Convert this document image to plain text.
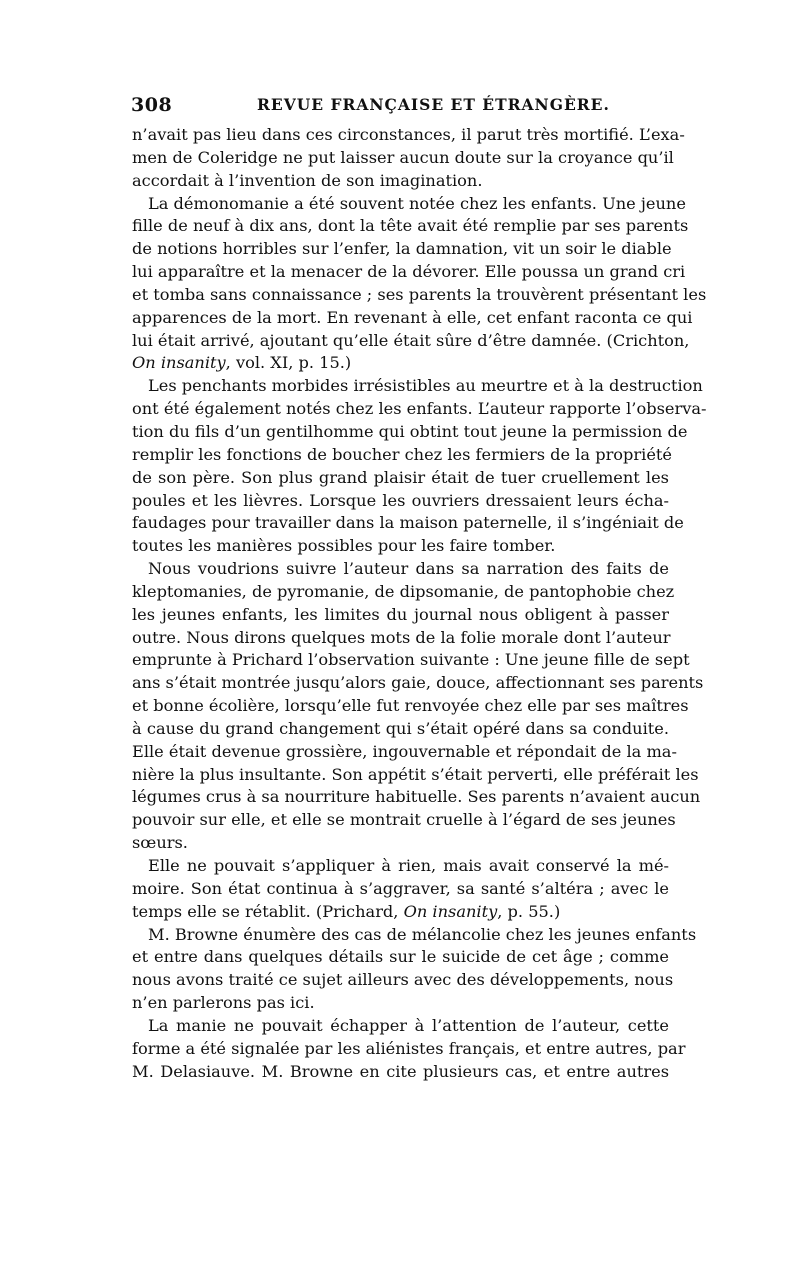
308	REVUE FRANÇAISE ET ÉTRANGÈRE.
n’avait pas lieu dans ces circonstances, il parut très mortifié. L’exa-
men de Coleridge ne put laisser aucun doute sur la croyance qu’il
accordait à l’invention de son imagination.
La démonomanie a été souvent notée chez les enfants. Une jeune
fille de neuf à dix ans, dont la tête avait été remplie par ses parents
de notions horribles sur l’enfer, la damnation, vit un soir le diable
lui apparaître et la menacer de la dévorer. Elle poussa un grand cri
et tomba sans connaissance ; ses parents la trouvèrent présentant les
apparences de la mort. En revenant à elle, cet enfant raconta ce qui
lui était arrivé, ajoutant qu’elle était sûre d’être damnée. (Crichton,
On insanity, vol. XI, p. 15.)
Les penchants morbides irrésistibles au meurtre et à la destruction
ont été également notés chez les enfants. L’auteur rapporte l’observa-
tion du fils d’un gentilhomme qui obtint tout jeune la permission de
remplir les fonctions de boucher chez les fermiers de la propriété
de son père. Son plus grand plaisir était de tuer cruellement les
poules et les lièvres. Lorsque les ouvriers dressaient leurs écha-
faudages pour travailler dans la maison paternelle, il s’ingéniait de
toutes les manières possibles pour les faire tomber.
Nous voudrions suivre l’auteur dans sa narration des faits de
kleptomanies, de pyromanie, de dipsomanie, de pantophobie chez
les jeunes enfants, les limites du journal nous obligent à passer
outre. Nous dirons quelques mots de la folie morale dont l’auteur
emprunte à Prichard l’observation suivante : Une jeune fille de sept
ans s’était montrée jusqu’alors gaie, douce, affectionnant ses parents
et bonne écolière, lorsqu’elle fut renvoyée chez elle par ses maîtres
à cause du grand changement qui s’était opéré dans sa conduite.
Elle était devenue grossière, ingouvernable et répondait de la ma-
nière la plus insultante. Son appétit s’était perverti, elle préférait les
légumes crus à sa nourriture habituelle. Ses parents n’avaient aucun
pouvoir sur elle, et elle se montrait cruelle à l’égard de ses jeunes
sœurs.
Elle ne pouvait s’appliquer à rien, mais avait conservé la mé-
moire. Son état continua à s’aggraver, sa santé s’altéra ; avec le
temps elle se rétablit. (Prichard, On insanity, p. 55.)
M. Browne énumère des cas de mélancolie chez les jeunes enfants
et entre dans quelques détails sur le suicide de cet âge ; comme
nous avons traité ce sujet ailleurs avec des développements, nous
n’en parlerons pas ici.
La manie ne pouvait échapper à l’attention de l’auteur, cette
forme a été signalée par les aliénistes français, et entre autres, par
M. Delasiauve. M. Browne en cite plusieurs cas, et entre autres
